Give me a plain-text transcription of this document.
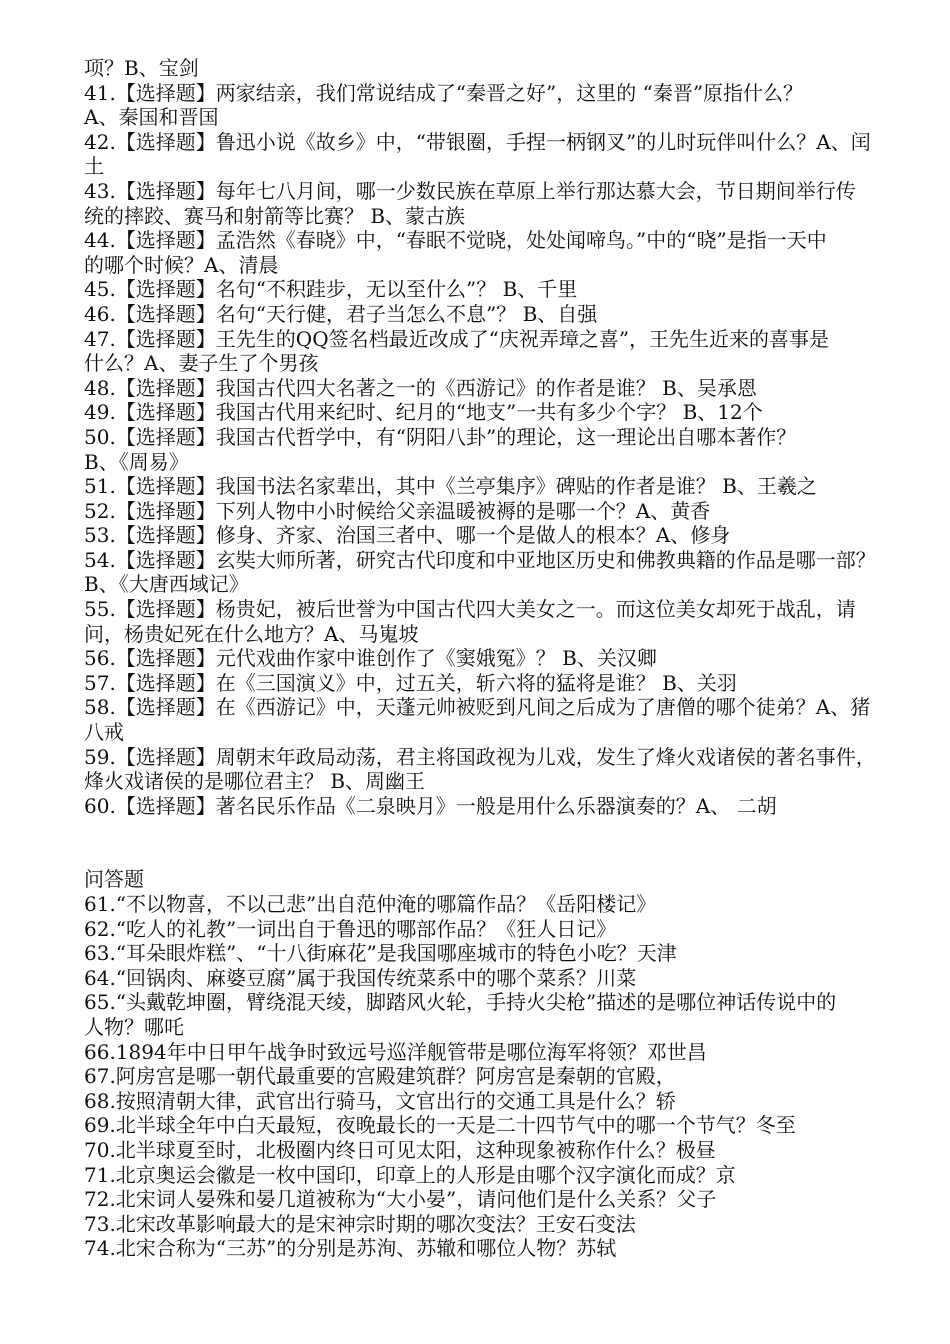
项？B、宝剑
41.【选择题】两家结亲，我们常说结成了“秦晋之好”，这里的 “秦晋”原指什么？
A、秦国和晋国
42.【选择题】鲁迅小说《故乡》中，“带银圈，手捏一柄钢叉”的儿时玩伴叫什么？A、闰
土
43.【选择题】每年七八月间，哪一少数民族在草原上举行那达慕大会，节日期间举行传
统的摔跤、赛马和射箭等比赛？ B、蒙古族
44.【选择题】孟浩然《春晓》中，“春眠不觉晓，处处闻啼鸟。”中的“晓”是指一天中
的哪个时候？A、清晨
45.【选择题】名句“不积跬步，无以至什么”？ B、千里
46.【选择题】名句“天行健，君子当怎么不息”？ B、自强
47.【选择题】王先生的QQ签名档最近改成了“庆祝弄璋之喜”，王先生近来的喜事是
什么？A、妻子生了个男孩
48.【选择题】我国古代四大名著之一的《西游记》的作者是谁？ B、吴承恩
49.【选择题】我国古代用来纪时、纪月的“地支”一共有多少个字？ B、12个
50.【选择题】我国古代哲学中，有“阴阳八卦”的理论，这一理论出自哪本著作？
B、《周易》
51.【选择题】我国书法名家辈出，其中《兰亭集序》碑贴的作者是谁？ B、王羲之
52.【选择题】下列人物中小时候给父亲温暖被褥的是哪一个？A、黄香
53.【选择题】修身、齐家、治国三者中、哪一个是做人的根本？A、修身
54.【选择题】玄奘大师所著，研究古代印度和中亚地区历史和佛教典籍的作品是哪一部？
B、《大唐西域记》
55.【选择题】杨贵妃，被后世誉为中国古代四大美女之一。而这位美女却死于战乱，请
问，杨贵妃死在什么地方？A、马嵬坡
56.【选择题】元代戏曲作家中谁创作了《窦娥冤》？ B、关汉卿
57.【选择题】在《三国演义》中，过五关，斩六将的猛将是谁？ B、关羽
58.【选择题】在《西游记》中，天蓬元帅被贬到凡间之后成为了唐僧的哪个徒弟？A、猪
八戒
59.【选择题】周朝末年政局动荡，君主将国政视为儿戏，发生了烽火戏诸侯的著名事件，
烽火戏诸侯的是哪位君主？ B、周幽王
60.【选择题】著名民乐作品《二泉映月》一般是用什么乐器演奏的？A、 二胡
问答题
61.“不以物喜，不以己悲”出自范仲淹的哪篇作品？《岳阳楼记》
62.“吃人的礼教”一词出自于鲁迅的哪部作品？《狂人日记》
63.“耳朵眼炸糕”、“十八街麻花”是我国哪座城市的特色小吃？天津
64.“回锅肉、麻婆豆腐”属于我国传统菜系中的哪个菜系？川菜
65.“头戴乾坤圈，臂绕混天绫，脚踏风火轮，手持火尖枪”描述的是哪位神话传说中的
人物？哪吒
66.1894年中日甲午战争时致远号巡洋舰管带是哪位海军将领？邓世昌
67.阿房宫是哪一朝代最重要的宫殿建筑群？阿房宫是秦朝的官殿，
68.按照清朝大律，武官出行骑马，文官出行的交通工具是什么？轿
69.北半球全年中白天最短，夜晚最长的一天是二十四节气中的哪一个节气？冬至
70.北半球夏至时，北极圈内终日可见太阳，这种现象被称作什么？极昼
71.北京奥运会徽是一枚中国印，印章上的人形是由哪个汉字演化而成？京
72.北宋词人晏殊和晏几道被称为“大小晏”，请问他们是什么关系？父子
73.北宋改革影响最大的是宋神宗时期的哪次变法？王安石变法
74.北宋合称为“三苏”的分别是苏洵、苏辙和哪位人物？苏轼
